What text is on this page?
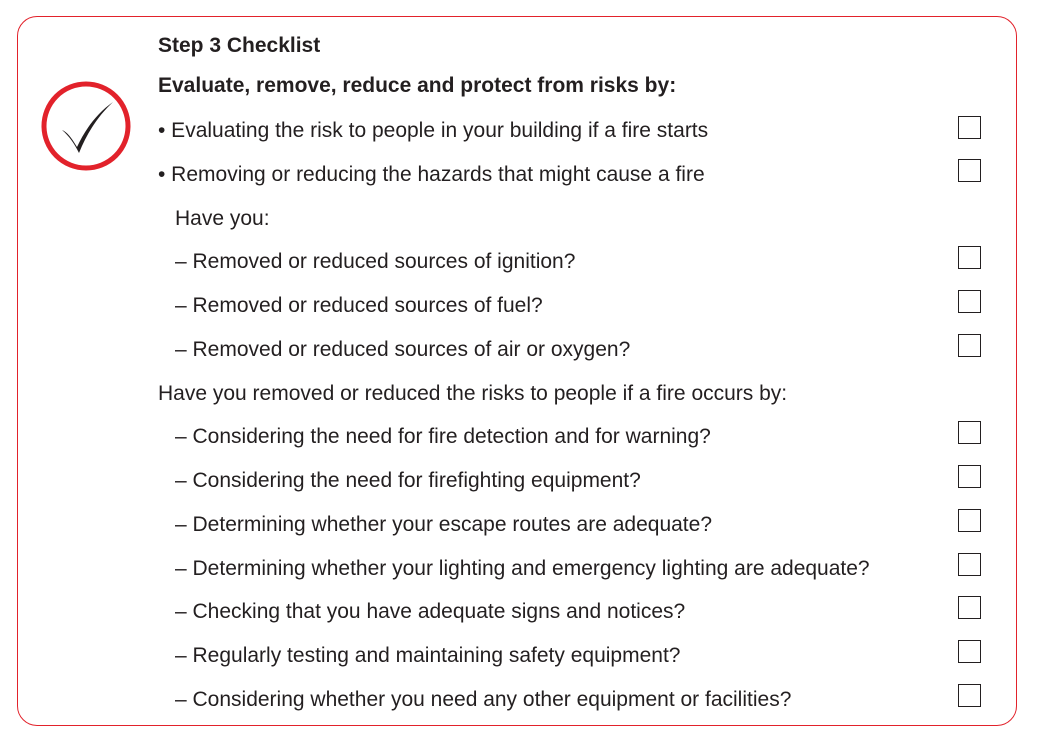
Step 3 Checklist
Evaluate, remove, reduce and protect from risks by:

• Evaluating the risk to people in your building if a fire starts

• Removing or reducing the hazards that might cause a fire

Have you:

– Removed or reduced sources of ignition?

– Removed or reduced sources of fuel?

– Removed or reduced sources of air or oxygen?

Have you removed or reduced the risks to people if a fire occurs by:

– Considering the need for fire detection and for warning?

– Considering the need for firefighting equipment?

– Determining whether your escape routes are adequate?

– Determining whether your lighting and emergency lighting are adequate?

– Checking that you have adequate signs and notices?

– Regularly testing and maintaining safety equipment?

– Considering whether you need any other equipment or facilities?
